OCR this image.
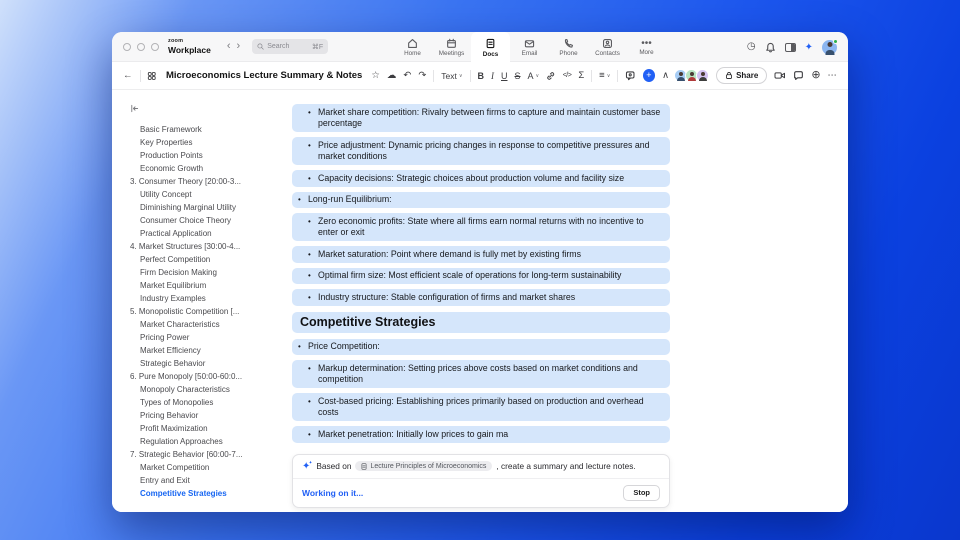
zoom
Workplace ‹ ›	Search	⌘F
Home	Meetings	Docs	Email	Phone	Contacts
•••
More
◷	✦
←	Microeconomics Lecture Summary & Notes ☆ ☁ ↶ ↷ Text ∨ B I U S A ∨	</> Σ ≡ ∨	+ ∧	Share	⊕ ⋯
Basic Framework
Key Properties
Production Points
Economic Growth
3. Consumer Theory [20:00-3...
Utility Concept
Diminishing Marginal Utility
Consumer Choice Theory
Practical Application
4. Market Structures [30:00-4...
Perfect Competition
Firm Decision Making
Market Equilibrium
Industry Examples
5. Monopolistic Competition [...
Market Characteristics
Pricing Power
Market Efficiency
Strategic Behavior
6. Pure Monopoly [50:00-60:0...
Monopoly Characteristics
Types of Monopolies
Pricing Behavior
Profit Maximization
Regulation Approaches
7. Strategic Behavior [60:00-7...
Market Competition
Entry and Exit
Competitive Strategies
• Market share competition: Rivalry between firms to capture and maintain customer base percentage
• Price adjustment: Dynamic pricing changes in response to competitive pressures and market conditions
• Capacity decisions: Strategic choices about production volume and facility size
• Long-run Equilibrium:
• Zero economic profits: State where all firms earn normal returns with no incentive to enter or exit
• Market saturation: Point where demand is fully met by existing firms
• Optimal firm size: Most efficient scale of operations for long-term sustainability
• Industry structure: Stable configuration of firms and market shares
Competitive Strategies
• Price Competition:
• Markup determination: Setting prices above costs based on market conditions and competition
• Cost-based pricing: Establishing prices primarily based on production and overhead costs
• Market penetration: Initially low prices to gain ma
✦ ✦ Based on	Lecture Principles of Microeconomics , create a summary and lecture notes.
Working on it...	Stop
